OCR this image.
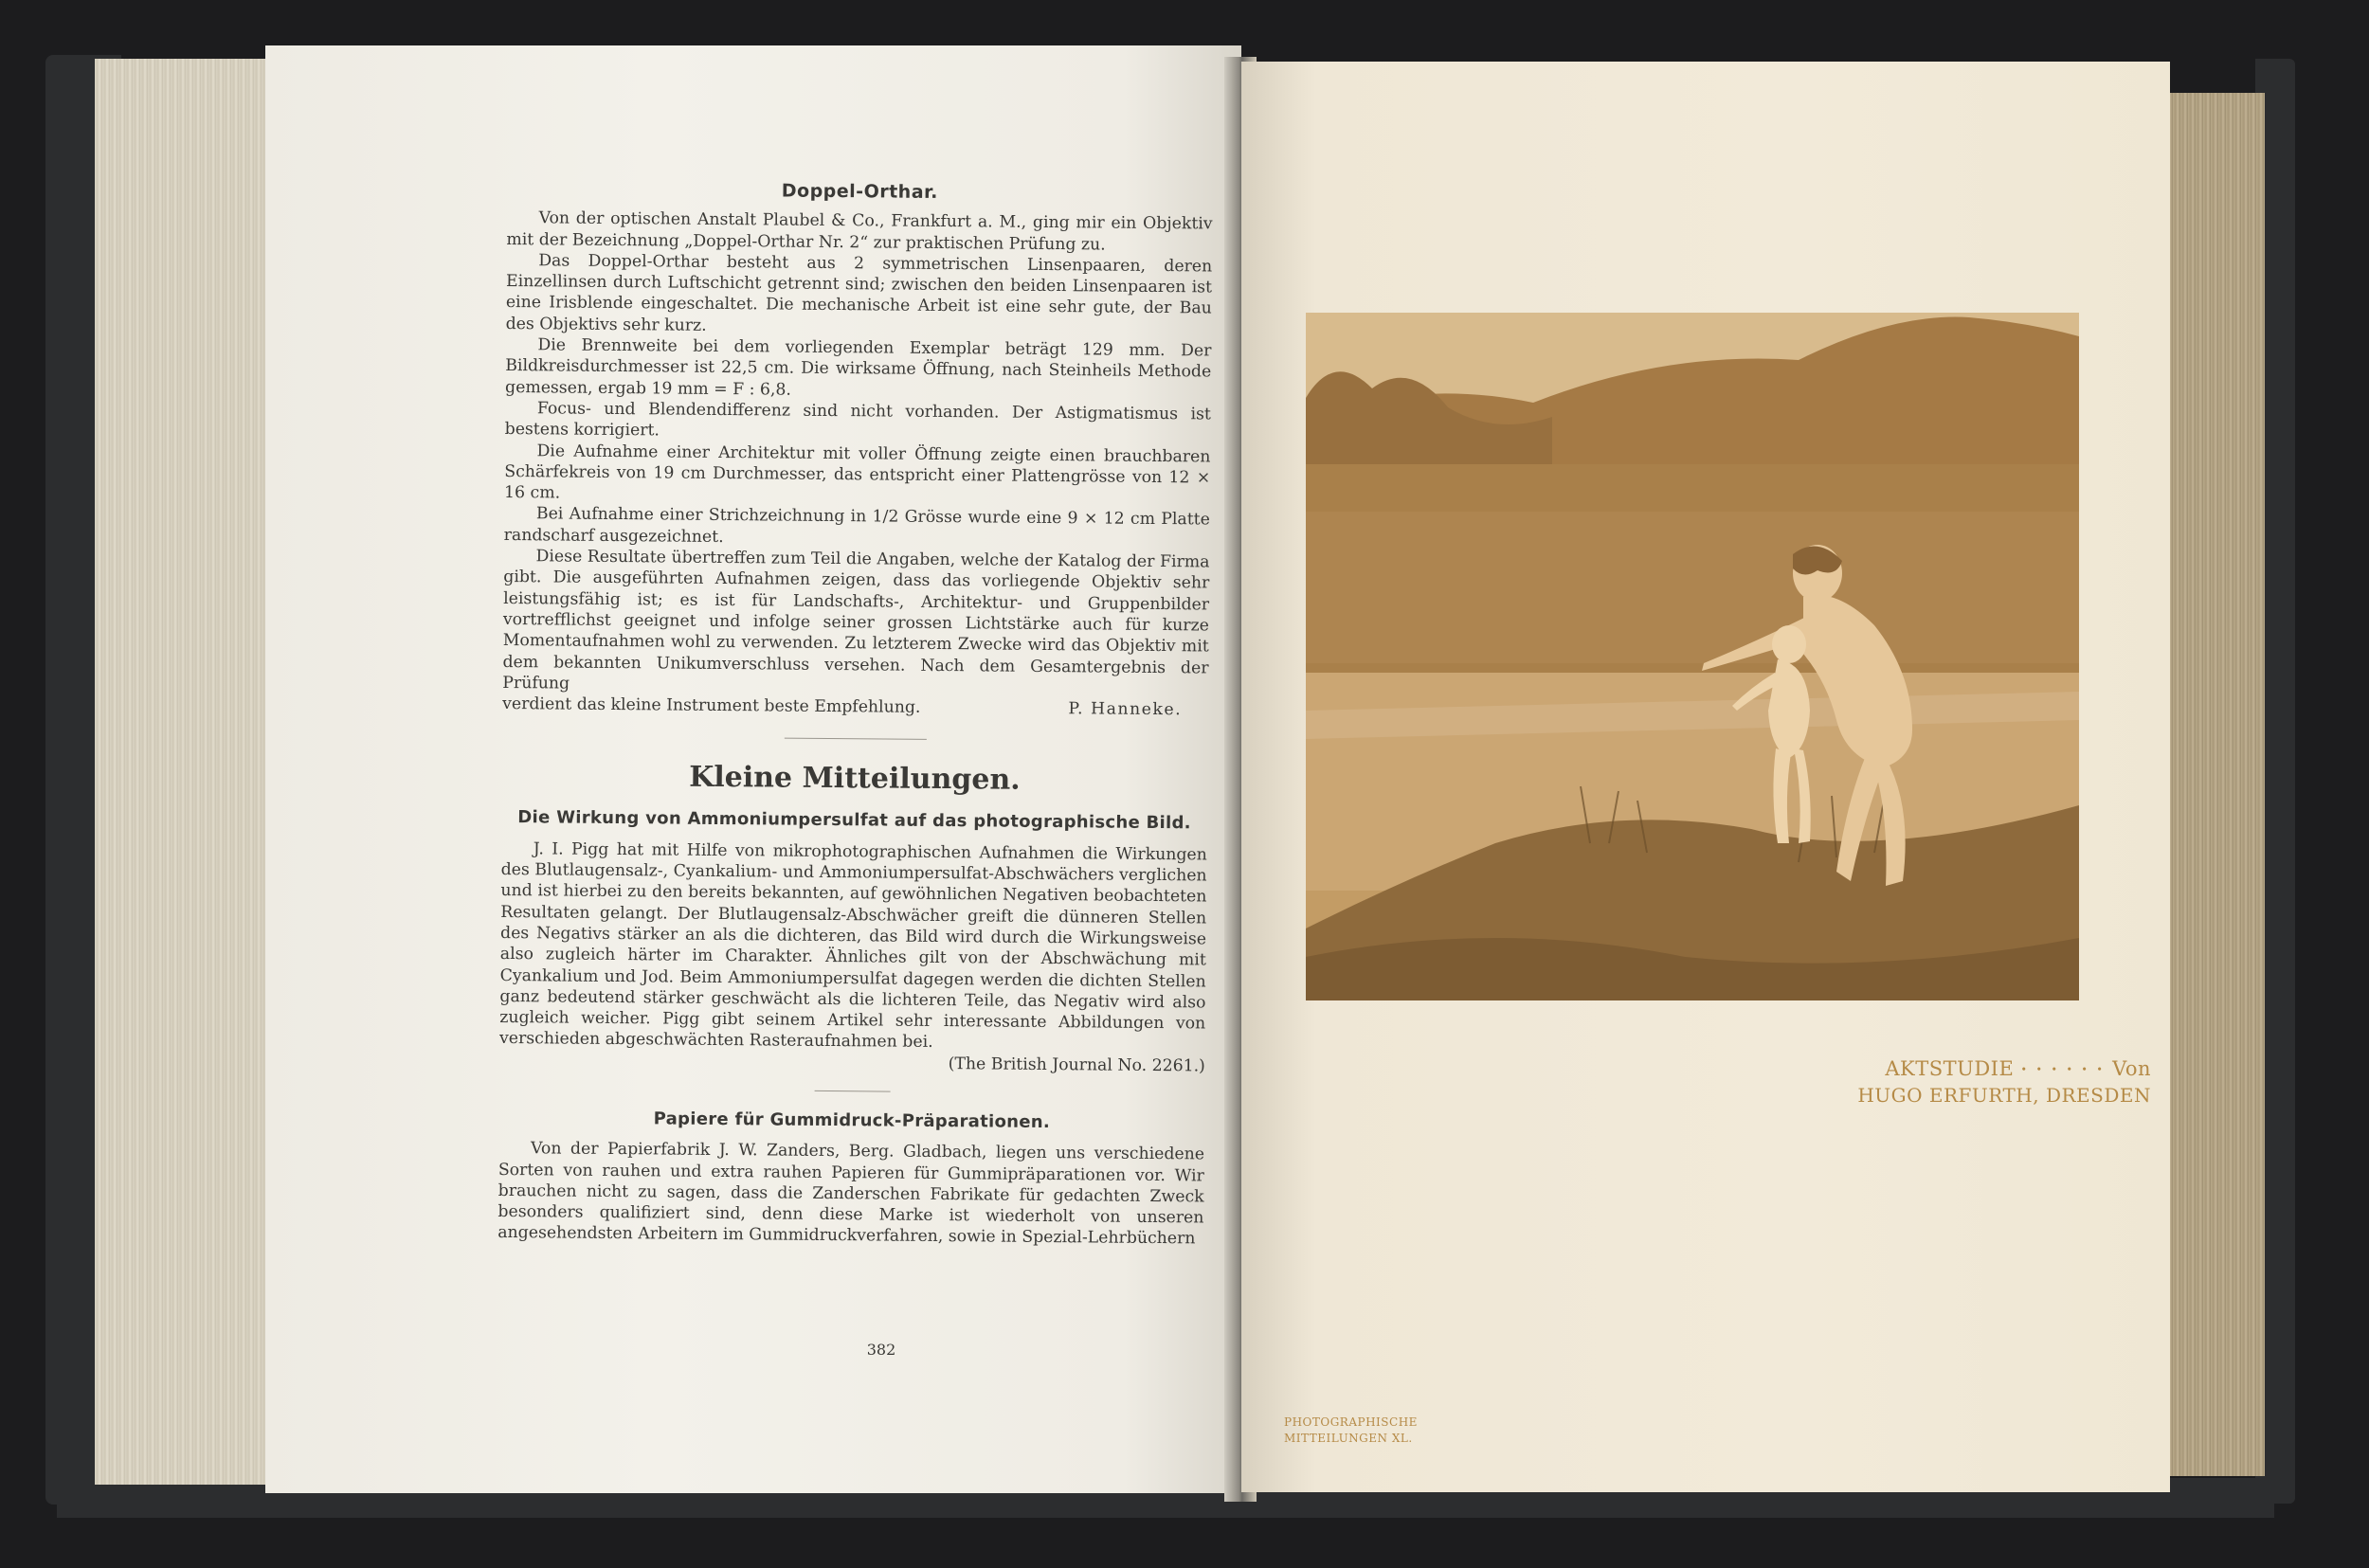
Doppel-Orthar.

Von der optischen Anstalt Plaubel & Co., Frankfurt a. M., ging mir ein Objektiv mit der Bezeichnung „Doppel-Orthar Nr. 2“ zur praktischen Prüfung zu.

Das Doppel-Orthar besteht aus 2 symmetrischen Linsenpaaren, deren Einzellinsen durch Luftschicht getrennt sind; zwischen den beiden Linsenpaaren ist eine Irisblende eingeschaltet. Die mechanische Arbeit ist eine sehr gute, der Bau des Objektivs sehr kurz.

Die Brennweite bei dem vorliegenden Exemplar beträgt 129 mm. Der Bildkreisdurchmesser ist 22,5 cm. Die wirksame Öffnung, nach Steinheils Methode gemessen, ergab 19 mm = F : 6,8.

Focus- und Blendendifferenz sind nicht vorhanden. Der Astigmatismus ist bestens korrigiert.

Die Aufnahme einer Architektur mit voller Öffnung zeigte einen brauchbaren Schärfekreis von 19 cm Durchmesser, das entspricht einer Plattengrösse von 12 × 16 cm.

Bei Aufnahme einer Strichzeichnung in 1/2 Grösse wurde eine 9 × 12 cm Platte randscharf ausgezeichnet.

Diese Resultate übertreffen zum Teil die Angaben, welche der Katalog der Firma gibt. Die ausgeführten Aufnahmen zeigen, dass das vorliegende Objektiv sehr leistungsfähig ist; es ist für Landschafts-, Architektur- und Gruppenbilder vortrefflichst geeignet und infolge seiner grossen Lichtstärke auch für kurze Momentaufnahmen wohl zu verwenden. Zu letzterem Zwecke wird das Objektiv mit dem bekannten Unikumverschluss versehen. Nach dem Gesamtergebnis der Prüfung

verdient das kleine Instrument beste Empfehlung.	P. Hanneke.
Kleine Mitteilungen.
Die Wirkung von Ammoniumpersulfat auf das photographische Bild.

J. I. Pigg hat mit Hilfe von mikrophotographischen Aufnahmen die Wirkungen des Blutlaugensalz-, Cyankalium- und Ammoniumpersulfat-Abschwächers verglichen und ist hierbei zu den bereits bekannten, auf gewöhnlichen Negativen beobachteten Resultaten gelangt. Der Blutlaugensalz-Abschwächer greift die dünneren Stellen des Negativs stärker an als die dichteren, das Bild wird durch die Wirkungsweise also zugleich härter im Charakter. Ähnliches gilt von der Abschwächung mit Cyankalium und Jod. Beim Ammoniumpersulfat dagegen werden die dichten Stellen ganz bedeutend stärker geschwächt als die lichteren Teile, das Negativ wird also zugleich weicher. Pigg gibt seinem Artikel sehr interessante Abbildungen von verschieden abgeschwächten Rasteraufnahmen bei.

(The British Journal No. 2261.)
Papiere für Gummidruck-Präparationen.

Von der Papierfabrik J. W. Zanders, Berg. Gladbach, liegen uns verschiedene Sorten von rauhen und extra rauhen Papieren für Gummipräparationen vor. Wir brauchen nicht zu sagen, dass die Zanderschen Fabrikate für gedachten Zweck besonders qualifiziert sind, denn diese Marke ist wiederholt von unseren angesehendsten Arbeitern im Gummidruckverfahren, sowie in Spezial-Lehrbüchern

382
AKTSTUDIE • • • • • • Von
HUGO ERFURTH, DRESDEN
PHOTOGRAPHISCHE
MITTEILUNGEN XL.
